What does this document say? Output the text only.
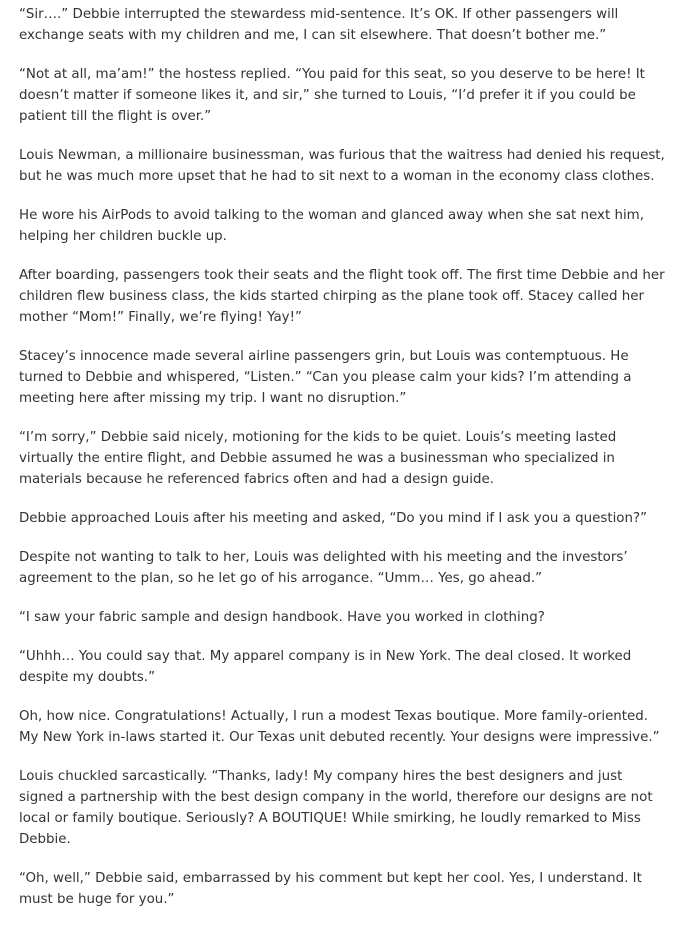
“Sir….” Debbie interrupted the stewardess mid-sentence. It’s OK. If other passengers will exchange seats with my children and me, I can sit elsewhere. That doesn’t bother me.”

“Not at all, ma’am!” the hostess replied. “You paid for this seat, so you deserve to be here! It doesn’t matter if someone likes it, and sir,” she turned to Louis, “I’d prefer it if you could be patient till the flight is over.”

Louis Newman, a millionaire businessman, was furious that the waitress had denied his request, but he was much more upset that he had to sit next to a woman in the economy class clothes.

He wore his AirPods to avoid talking to the woman and glanced away when she sat next him, helping her children buckle up.

After boarding, passengers took their seats and the flight took off. The first time Debbie and her children flew business class, the kids started chirping as the plane took off. Stacey called her mother “Mom!” Finally, we’re flying! Yay!”

Stacey’s innocence made several airline passengers grin, but Louis was contemptuous. He turned to Debbie and whispered, “Listen.” “Can you please calm your kids? I’m attending a meeting here after missing my trip. I want no disruption.”

“I’m sorry,” Debbie said nicely, motioning for the kids to be quiet. Louis’s meeting lasted virtually the entire flight, and Debbie assumed he was a businessman who specialized in materials because he referenced fabrics often and had a design guide.

Debbie approached Louis after his meeting and asked, “Do you mind if I ask you a question?”

Despite not wanting to talk to her, Louis was delighted with his meeting and the investors’ agreement to the plan, so he let go of his arrogance. “Umm… Yes, go ahead.”

“I saw your fabric sample and design handbook. Have you worked in clothing?

“Uhhh… You could say that. My apparel company is in New York. The deal closed. It worked despite my doubts.”

Oh, how nice. Congratulations! Actually, I run a modest Texas boutique. More family-oriented. My New York in-laws started it. Our Texas unit debuted recently. Your designs were impressive.”

Louis chuckled sarcastically. “Thanks, lady! My company hires the best designers and just signed a partnership with the best design company in the world, therefore our designs are not local or family boutique. Seriously? A BOUTIQUE! While smirking, he loudly remarked to Miss Debbie.

“Oh, well,” Debbie said, embarrassed by his comment but kept her cool. Yes, I understand. It must be huge for you.”
